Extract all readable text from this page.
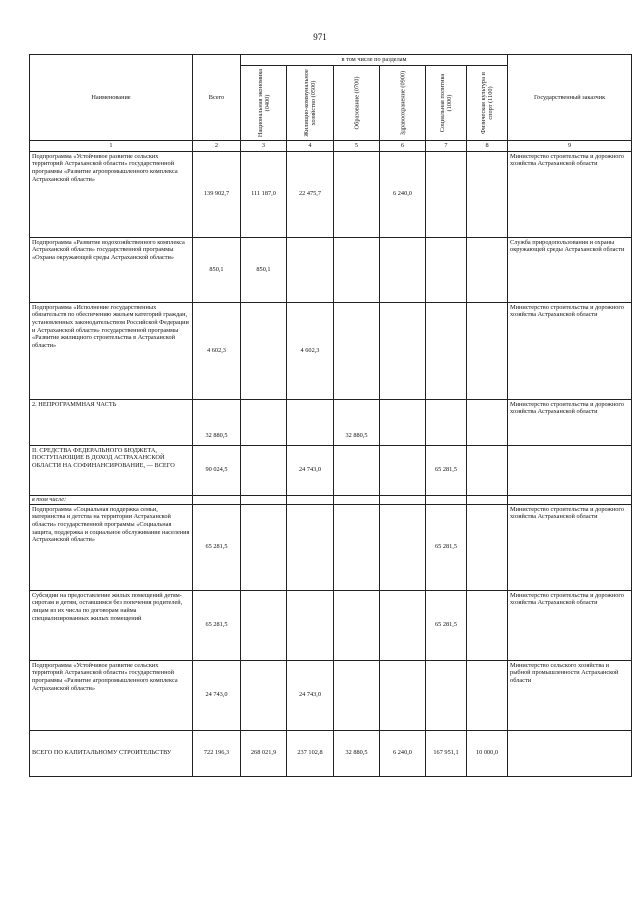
971
Наименование	Всего	в том числе по разделам						Государственный заказчик

		Национальная экономика (0400)	Жилищно-коммунальное хозяйство (0500)	Образование (0700)	Здравоохранение (0900)	Социальная политика (1000)	Физическая культура и спорт (1100)	

1	2	3	4	5	6	7	8	9
Подпрограмма «Устойчивое развитие сельских территорий Астраханской области» государственной программы «Развитие агропромышленного комплекса Астраханской области»	139 902,7	111 187,0	22 475,7		6 240,0			Министерство строительства и дорожного хозяйства Астраханской области
Подпрограмма «Развитие водохозяйственного комплекса Астраханской области» государственной программы «Охрана окружающей среды Астраханской области»	850,1	850,1						Служба природопользования и охраны окружающей среды Астраханской области
Подпрограмма «Исполнение государственных обязательств по обеспечению жильем категорий граждан, установленных законодательством Российской Федерации и Астраханской области» государственной программы «Развитие жилищного строительства в Астраханской области»	4 602,3		4 602,3					Министерство строительства и дорожного хозяйства Астраханской области
2. НЕПРОГРАММНАЯ ЧАСТЬ	32 880,5			32 880,5				Министерство строительства и дорожного хозяйства Астраханской области
II. СРЕДСТВА ФЕДЕРАЛЬНОГО БЮДЖЕТА, ПОСТУПАЮЩИЕ В ДОХОД АСТРАХАНСКОЙ ОБЛАСТИ НА СОФИНАНСИРОВАНИЕ, — ВСЕГО	90 024,5		24 743,0			65 281,5		
в том числе:								
Подпрограмма «Социальная поддержка семьи, материнства и детства на территории Астраханской области» государственной программы «Социальная защита, поддержка и социальное обслуживание населения Астраханской области»	65 281,5					65 281,5		Министерство строительства и дорожного хозяйства Астраханской области
Субсидии на предоставление жилых помещений детям-сиротам и детям, оставшимся без попечения родителей, лицам из их числа по договорам найма специализированных жилых помещений	65 281,5					65 281,5		Министерство строительства и дорожного хозяйства Астраханской области
Подпрограмма «Устойчивое развитие сельских территорий Астраханской области» государственной программы «Развитие агропромышленного комплекса Астраханской области»	24 743,0		24 743,0					Министерство сельского хозяйства и рыбной промышленности Астраханской области
ВСЕГО ПО КАПИТАЛЬНОМУ СТРОИТЕЛЬСТВУ	722 196,3	268 021,9	237 102,8	32 880,5	6 240,0	167 951,1	10 000,0	
